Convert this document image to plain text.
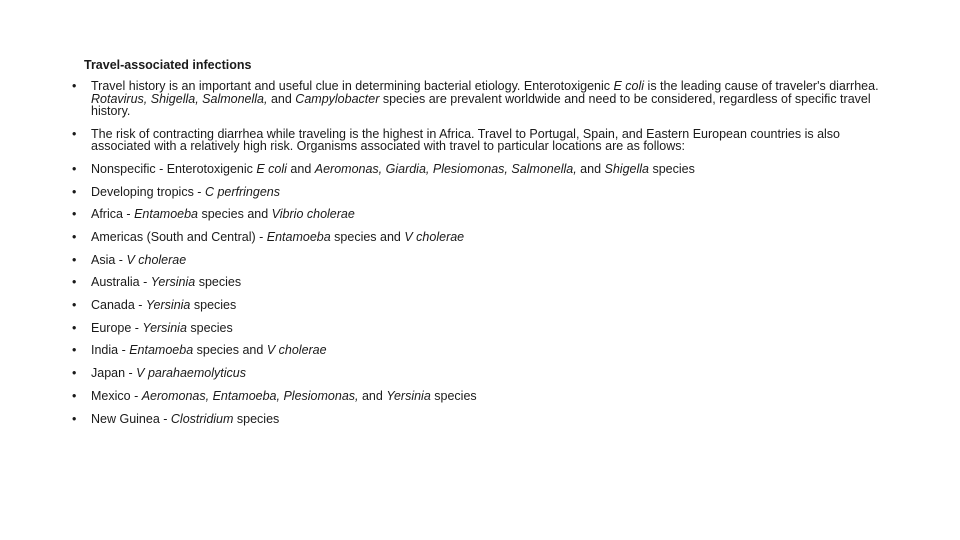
Travel-associated infections
• Travel history is an important and useful clue in determining bacterial etiology. Enterotoxigenic E coli is the leading cause of traveler's diarrhea. Rotavirus, Shigella, Salmonella, and Campylobacter species are prevalent worldwide and need to be considered, regardless of specific travel history.
• The risk of contracting diarrhea while traveling is the highest in Africa. Travel to Portugal, Spain, and Eastern European countries is also associated with a relatively high risk. Organisms associated with travel to particular locations are as follows:
• Nonspecific - Enterotoxigenic E coli and Aeromonas, Giardia, Plesiomonas, Salmonella, and Shigella species
• Developing tropics - C perfringens
• Africa - Entamoeba species and Vibrio cholerae
• Americas (South and Central) - Entamoeba species and V cholerae
• Asia - V cholerae
• Australia - Yersinia species
• Canada - Yersinia species
• Europe - Yersinia species
• India - Entamoeba species and V cholerae
• Japan - V parahaemolyticus
• Mexico - Aeromonas, Entamoeba, Plesiomonas, and Yersinia species
• New Guinea - Clostridium species
